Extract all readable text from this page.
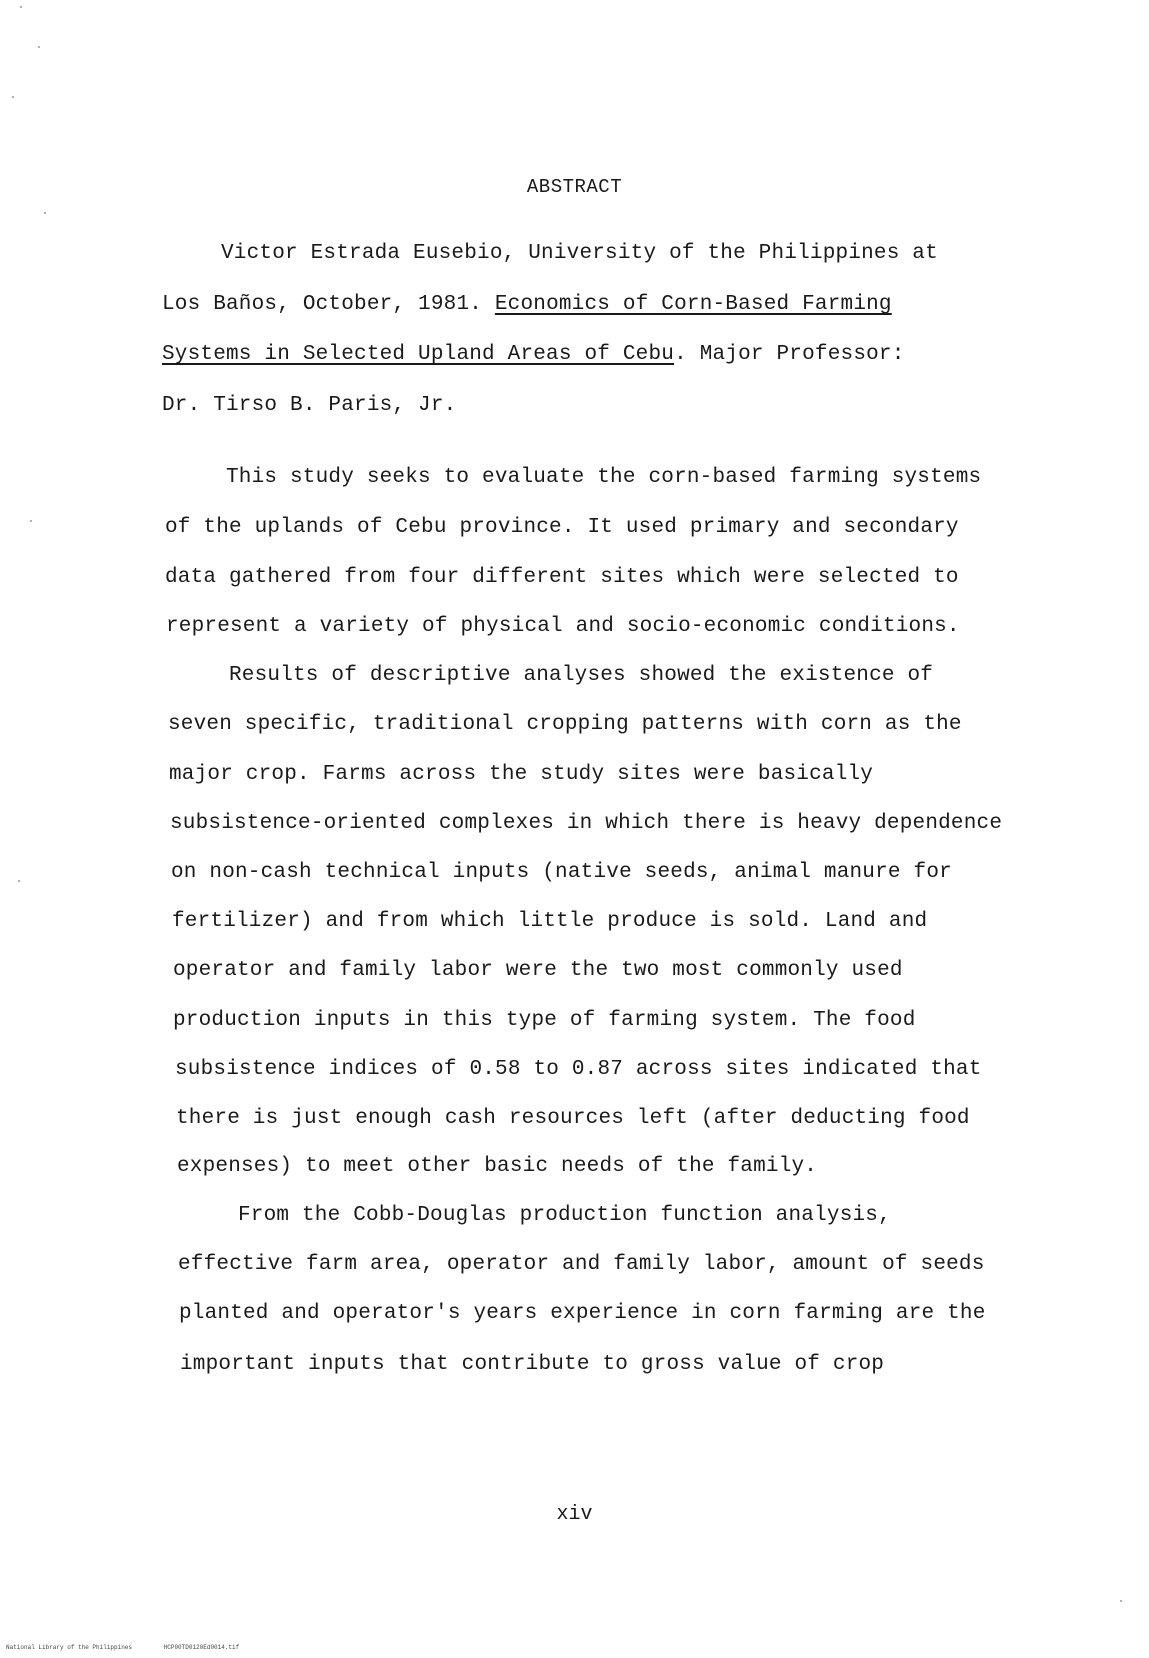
ABSTRACT
Victor Estrada Eusebio, University of the Philippines at
Los Baños, October, 1981. Economics of Corn-Based Farming
Systems in Selected Upland Areas of Cebu. Major Professor:
Dr. Tirso B. Paris, Jr.
This study seeks to evaluate the corn-based farming systems
of the uplands of Cebu province. It used primary and secondary
data gathered from four different sites which were selected to
represent a variety of physical and socio-economic conditions.
Results of descriptive analyses showed the existence of
seven specific, traditional cropping patterns with corn as the
major crop. Farms across the study sites were basically
subsistence-oriented complexes in which there is heavy dependence
on non-cash technical inputs (native seeds, animal manure for
fertilizer) and from which little produce is sold. Land and
operator and family labor were the two most commonly used
production inputs in this type of farming system. The food
subsistence indices of 0.58 to 0.87 across sites indicated that
there is just enough cash resources left (after deducting food
expenses) to meet other basic needs of the family.
From the Cobb-Douglas production function analysis,
effective farm area, operator and family labor, amount of seeds
planted and operator's years experience in corn farming are the
important inputs that contribute to gross value of crop
xiv
National Library of the Philippines	HCP00TD0120Ed0014.tif
